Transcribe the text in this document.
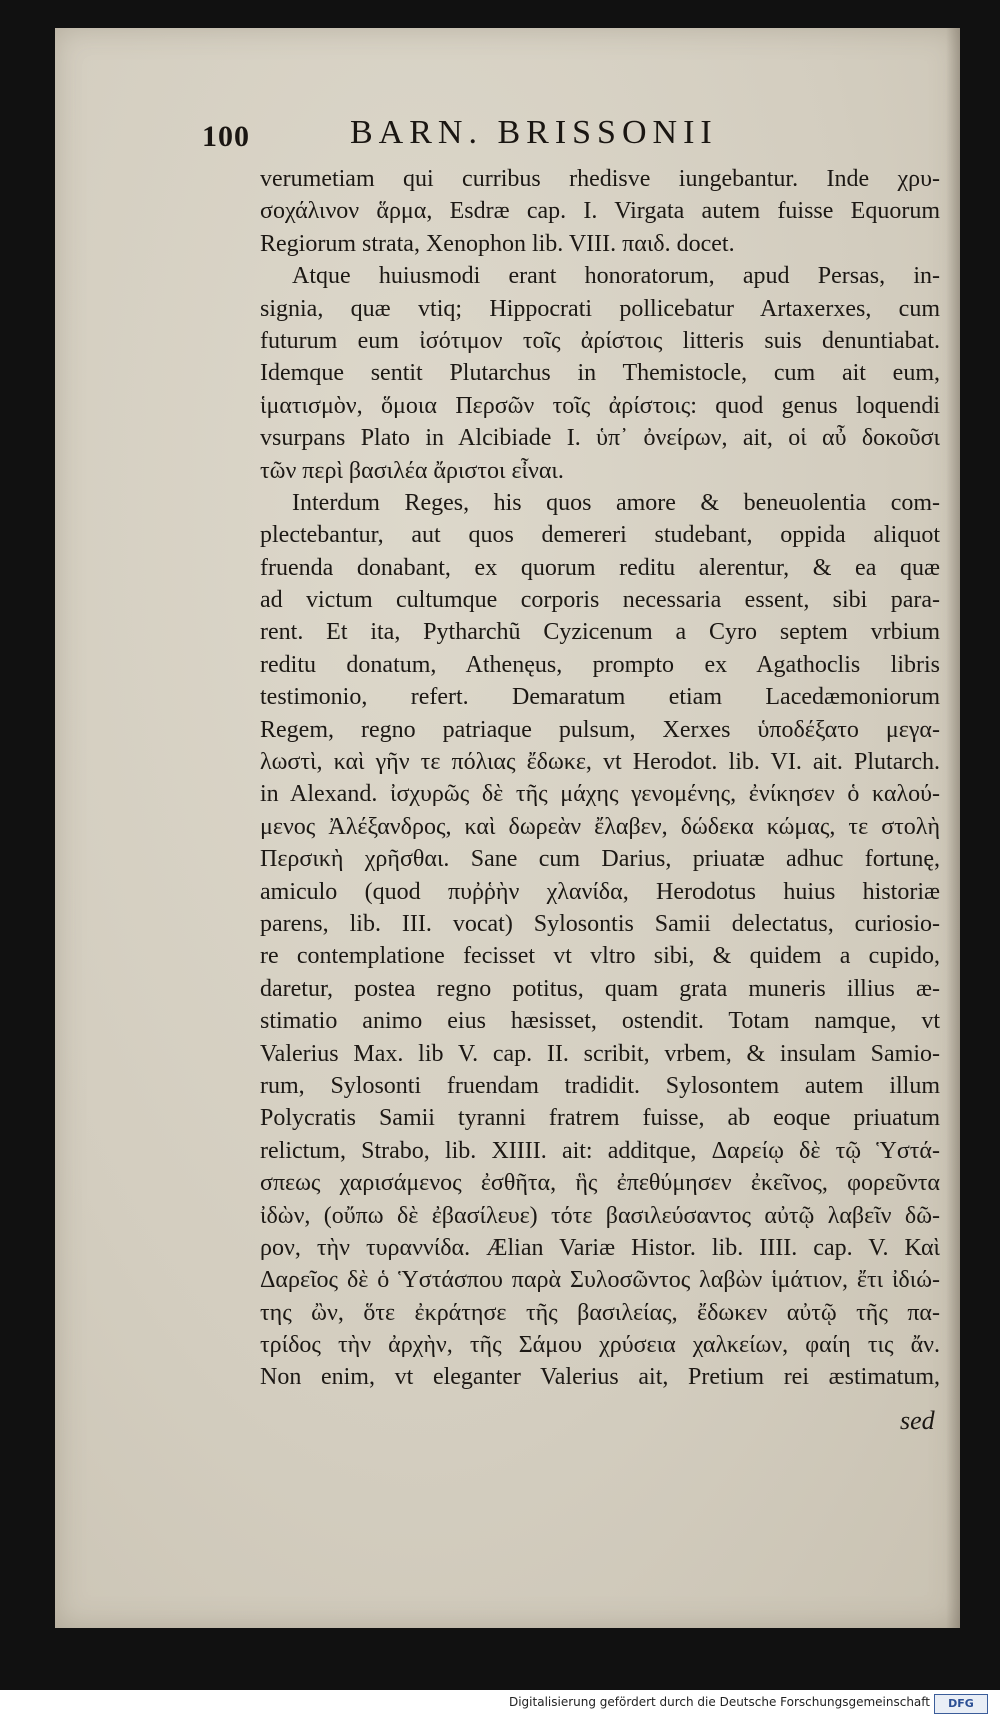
100	BARN. BRISSONII
verumetiam qui curribus rhedisve iungebantur. Inde χρυ-
σοχάλινον ἅρμα, Esdræ cap. I. Virgata autem fuisse Equorum
Regiorum strata, Xenophon lib. VIII. παιδ. docet.
Atque huiusmodi erant honoratorum, apud Persas, in-
signia, quæ vtiq; Hippocrati pollicebatur Artaxerxes, cum
futurum eum ἰσότιμον τοῖς ἀρίστοις litteris suis denuntiabat.
Idemque sentit Plutarchus in Themistocle, cum ait eum,
ἱματισμὸν, ὅμοια Περσῶν τοῖς ἀρίστοις: quod genus loquendi
vsurpans Plato in Alcibiade I. ὑπ᾽ ὀνείρων, ait, οἱ αὖ δοκοῦσι
τῶν περὶ βασιλέα ἄριστοι εἶναι.
Interdum Reges, his quos amore & beneuolentia com-
plectebantur, aut quos demereri studebant, oppida aliquot
fruenda donabant, ex quorum reditu alerentur, & ea quæ
ad victum cultumque corporis necessaria essent, sibi para-
rent. Et ita, Pytharchũ Cyzicenum a Cyro septem vrbium
reditu donatum, Athenęus, prompto ex Agathoclis libris
testimonio, refert. Demaratum etiam Lacedæmoniorum
Regem, regno patriaque pulsum, Xerxes ὑποδέξατο μεγα-
λωστὶ, καὶ γῆν τε πόλιας ἔδωκε, vt Herodot. lib. VI. ait. Plutarch.
in Alexand. ἰσχυρῶς δὲ τῆς μάχης γενομένης, ἐνίκησεν ὁ καλού-
μενος Ἀλέξανδρος, καὶ δωρεὰν ἔλαβεν, δώδεκα κώμας, τε στολὴ
Περσικὴ χρῆσθαι. Sane cum Darius, priuatæ adhuc fortunę,
amiculo (quod πυῤῥὴν χλανίδα, Herodotus huius historiæ
parens, lib. III. vocat) Sylosontis Samii delectatus, curiosio-
re contemplatione fecisset vt vltro sibi, & quidem a cupido,
daretur, postea regno potitus, quam grata muneris illius æ-
stimatio animo eius hæsisset, ostendit. Totam namque, vt
Valerius Max. lib V. cap. II. scribit, vrbem, & insulam Samio-
rum, Sylosonti fruendam tradidit. Sylosontem autem illum
Polycratis Samii tyranni fratrem fuisse, ab eoque priuatum
relictum, Strabo, lib. XIIII. ait: additque, Δαρείῳ δὲ τῷ Ὑστά-
σπεως χαρισάμενος ἐσθῆτα, ἣς ἐπεθύμησεν ἐκεῖνος, φορεῦντα
ἰδὼν, (οὔπω δὲ ἐβασίλευε) τότε βασιλεύσαντος αὐτῷ λαβεῖν δῶ-
ρον, τὴν τυραννίδα. Ælian Variæ Histor. lib. IIII. cap. V. Καὶ
Δαρεῖος δὲ ὁ Ὑστάσπου παρὰ Συλοσῶντος λαβὼν ἱμάτιον, ἔτι ἰδιώ-
της ὢν, ὅτε ἐκράτησε τῆς βασιλείας, ἔδωκεν αὐτῷ τῆς πα-
τρίδος τὴν ἀρχὴν, τῆς Σάμου χρύσεια χαλκείων, φαίη τις ἄν.
Non enim, vt eleganter Valerius ait, Pretium rei æstimatum,
sed
Digitalisierung gefördert durch die Deutsche Forschungsgemeinschaft	DFG
